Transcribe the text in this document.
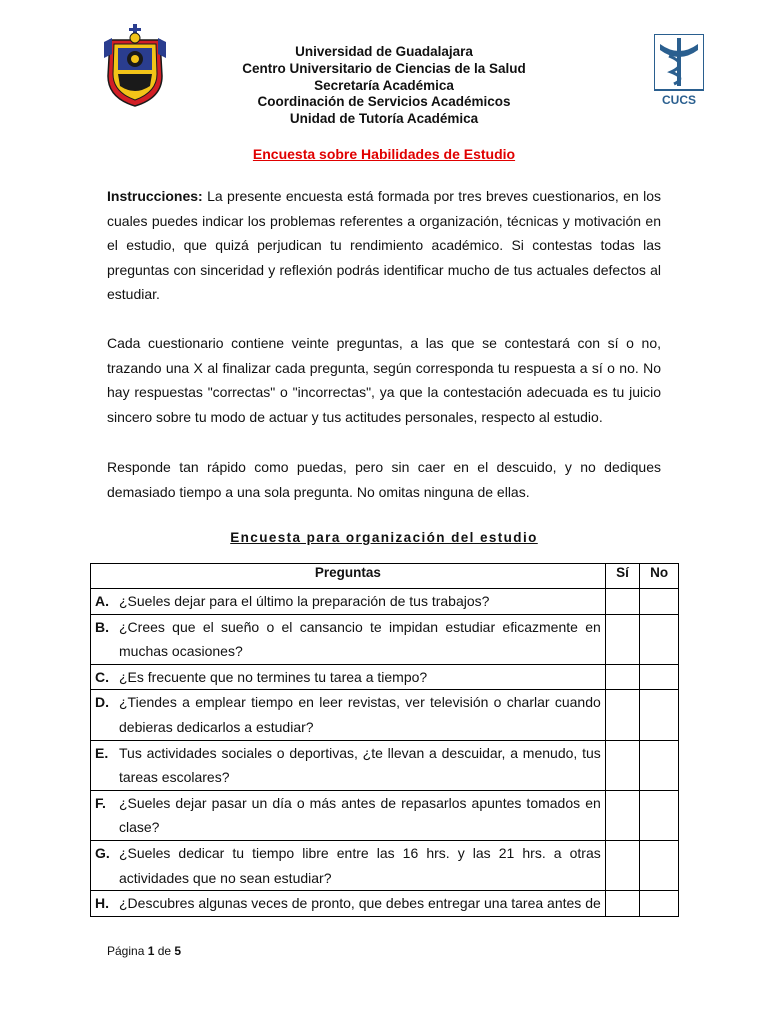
CUCS
Universidad de Guadalajara
Centro Universitario de Ciencias de la Salud
Secretaría Académica
Coordinación de Servicios Académicos
Unidad de Tutoría Académica
Encuesta sobre Habilidades de Estudio
Instrucciones: La presente encuesta está formada por tres breves cuestionarios, en los cuales puedes indicar los problemas referentes a organización, técnicas y motivación en el estudio, que quizá perjudican tu rendimiento académico. Si contestas todas las preguntas con sinceridad y reflexión podrás identificar mucho de tus actuales defectos al estudiar.
Cada cuestionario contiene veinte preguntas, a las que se contestará con sí o no, trazando una X al finalizar cada pregunta, según corresponda tu respuesta a sí o no. No hay respuestas "correctas" o "incorrectas", ya que la contestación adecuada es tu juicio sincero sobre tu modo de actuar y tus actitudes personales, respecto al estudio.
Responde tan rápido como puedas, pero sin caer en el descuido, y no dediques demasiado tiempo a una sola pregunta. No omitas ninguna de ellas.
Encuesta para organización del estudio
Preguntas	Sí	No

A. ¿Sueles dejar para el último la preparación de tus trabajos?		

B. ¿Crees que el sueño o el cansancio te impidan estudiar eficazmente en muchas ocasiones?		

C. ¿Es frecuente que no termines tu tarea a tiempo?		

D. ¿Tiendes a emplear tiempo en leer revistas, ver televisión o charlar cuando debieras dedicarlos a estudiar?		

E. Tus actividades sociales o deportivas, ¿te llevan a descuidar, a menudo, tus tareas escolares?		

F. ¿Sueles dejar pasar un día o más antes de repasarlos apuntes tomados en clase?		

G. ¿Sueles dedicar tu tiempo libre entre las 16 hrs. y las 21 hrs. a otras actividades que no sean estudiar?		

H. ¿Descubres algunas veces de pronto, que debes entregar una tarea antes de		

Página 1 de 5
